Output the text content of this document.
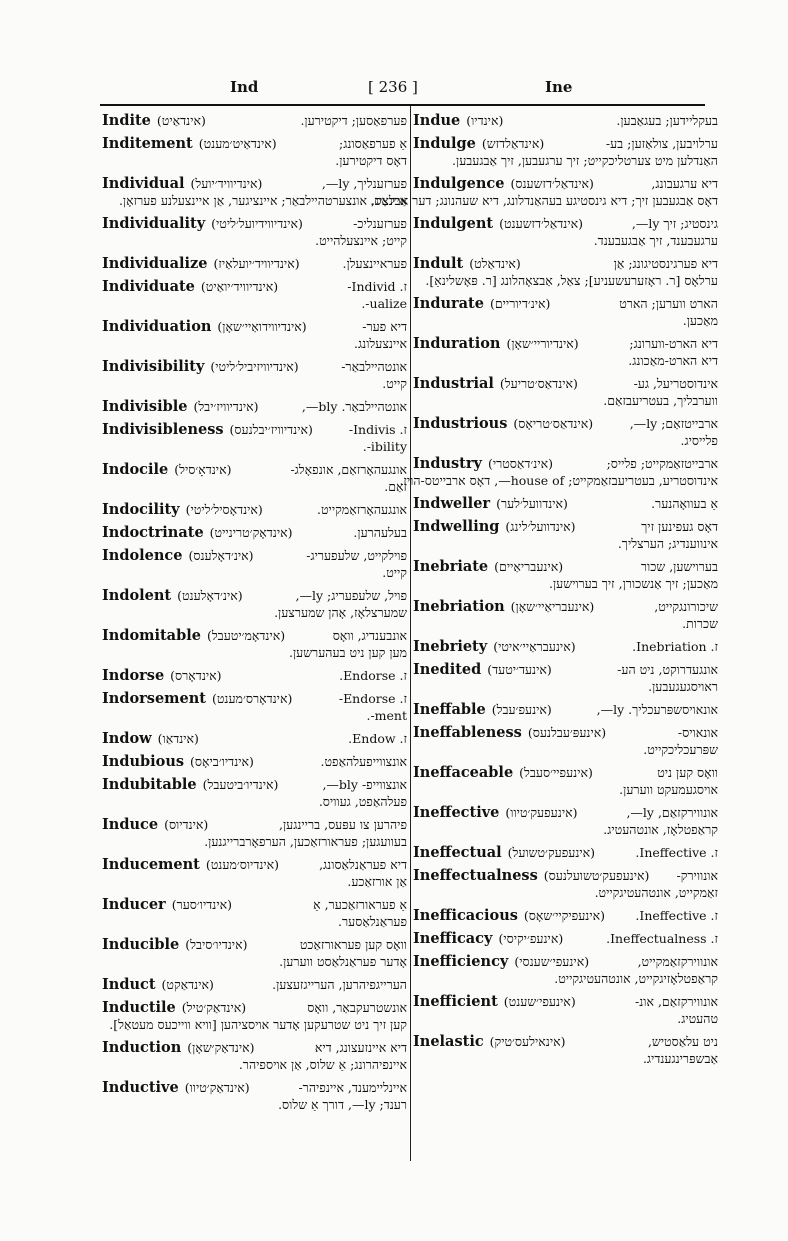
Ind	[ 236 ]	Ine
Indite (אינדאַיט)	פערפאַסען; דיקטירען.
Inditement (אינדאַיט׳מענט)	אַ פערפאַסונג;
דאָס דיקטירען.
Individual (אינדיוויד׳יועל)	פערזענליך, ly—,
איינציג, אונצערטהיילבאַר; איינציגער, אַן איינצעלנע פערזאָן.
Individuality (אינדיווידיועל׳ליטי)	פערזענליכ-
קייט; איינצעלהייט.
Individualize (אינדיוויד׳יועלאַיז)	פעראיינצעלן.
Individuate (אינדיוויד׳יואַיט)	ז. Individ-
ualize-.
Individuation (אינדיווידואַיי׳שאָן)	דיא פער-
איינצעלונג.
Indivisibility (אינדיוויזיביל׳ליטי)	אונטהיילבאַר-
קייט.
Indivisible (אינדיוויז׳יבל)	אונטהיילבאַר. bly—,
Indivisibleness (אינדיוויז׳יבלנעס)	ז. Indivis-
ibility-.
Indocile (אינדאָ׳סיל)	אונגעהאָרזאַם, אונפאָלג-
זאַם.
Indocility (אינדאָסיל׳ליטי)	אונגעהאָרזאַמקייט.
Indoctrinate (אינדאָק׳טרינייט)	בעלעהרען.
Indolence (אינ׳דאָלענס)	פוילקייט, שלעפעריג-
קייט.
Indolent (אינ׳דאָלענט)	פויל, שלעפעריג; ly—,
שמערצלאָז, אָהן שמערצען.
Indomitable (אינדאָמ׳יטעבל)	אונבענדיג, וואָס
מען קען ניט בעהערשען.
Indorse (אינדאָרס)	ז. Endorse.
Indorsement (אינדאָרס׳מענט)	ז. Endorse-
ment-.
Indow (אינדאַו)	ז. Endow.
Indubious (אינדיו׳ביאָס)	אונצווייפעלהאַפט.
Indubitable (אינדיו׳ביטעבל)	אונצווייפ- bly—,
פעלהאַפט, געוויס.
Induce (אינדיוס)	פיהרען צו עפּעס, בריינגען,
בעוועגען; פעראורזאַכען, הערפאָרברייגנען.
Inducement (אינדיוס׳מענט)	דיא פעראַנלאַסונג,
אַן אורזאַכע.
Inducer (אינדיו׳סער)	אַ פעראורזאַכער, אַ
פעראַנלאַסער.
Inducible (אינדיו׳סיבל)	וואָס קען פעראורזאַכט
אָדער פעראַנלאַסט ווערען.
Induct (אינדאַקט)	הערייגפיהרען, הערייגזעצען.
Inductile (אינדאַק׳טיל)	אונשטרעקבאַר, וואָס
קען זיך ניט שטרעקען אָדער אויסציהען [וויא ווייכעס מעטאַל].
Induction (אינדאַק׳שאָן)	דיא איינזעצונג, דיא
איינפיהרונג; אַ שלוס, אַן אויספיהר.
Inductive (אינדאַק׳טיוו)	איינליימענד, איינפיהר-
רענד; ly—, דורך אַ שלוס.
Indue (אינדיו)	בעקליידען; בעגאַבען.
Indulge (אינדאַלדזש)	ערלויבען, צולאַזען; בע-
האַנדלען מיט צערטליכקייט; זיך ערגעבען, זיך אַבגעבען.
Indulgence (אינדאַל׳דזשענס)	דיא ערגעבונג,
דאָס אַבגעבען זיך; דיא גינסטיגע בעהאַנדלונג, דיא שעהנונג; דער אַבלאַס.
Indulgent (אינדאַל׳דזשענט)	גינסטיג; זיך ly—,
ערגעבענד, זיך אַבגעבענד.
Indult (אינדאַלט)	דיא פערגינסטיגונג; אַן
ערלאָס [ר. ראָזערעשעניע]; צאַל, אַבצאָהלונג [ר. פּאָשלינאַ].
Indurate (אינ׳דיוריים)	הארט ווערען; הארט
מאַכען.
Induration (אינדיוריי׳שאָן)	דיא הארט-ווערונג;
דיא הארט-מאַכונג.
Industrial (אינדאַס׳טריעל)	אינדוסטריעל, גע-
ווערבליך, בעטריעבזאַם.
Industrious (אינדאַס׳טריאָס)	ארבייטזאַם; ly—,
פלייסיג.
Industry (אינ׳דאַסטרי)	ארבייטזאַמקייט; פלייס;
אינדוסטריע, בעטריעבזאַמקייט; house of—, דאָס ארבייטס-הויז.
Indweller (אינדוועל׳לער)	אַ בעוואָהנער.
Indwelling (אינדוועל׳לינג)	דאָס געפינען זיך
אינווענדיג; הערצליך.
Inebriate (אינעבריאַיים)	בערוישען, שכור
מאַכען; זיך אַנשכורן, זיך בערוישען.
Inebriation (אינעבריאַיי׳שאָן)	שיכורונגקייט,
שכרות.
Inebriety (אינעבראַיי׳איטי)	ז. Inebriation.
Inedited (אינעד׳יטעד)	אונגעדרוקט, ניט הע-
ראויסגעגעבען.
Ineffable (אינעפ׳עבל)	אונאויסשפּרעכליך. ly—,
Ineffableness (אינעפּ׳עבלנעס)	אונאויס-
שפּרעכליכקייט.
Ineffaceable (אינעפיי׳סעבל)	וואָס קען ניט
אויסגעמעקט ווערען.
Ineffective (אינעפעק׳טיוו)	אונווירקזאַם, ly—,
קראַפטלאָז, אונטהעטיג.
Ineffectual (אינעפעק׳טשועל)	ז. Ineffective.
Ineffectualness (אינעפעק׳טשועלנעס)	אונווירק-
זאַמקייט, אונטהעטיגקייט.
Inefficacious (אינעפיקיי׳שאָס)	ז. Ineffective.
Inefficacy (אינעפ׳יקיסי)	ז. Ineffectualness.
Inefficiency (אינעפי׳שענסי)	אונווירקזאַמקייט,
קראַפטלאָזיגקייט, אונטהעטיגקייט.
Inefficient (אינעפי׳שענט)	אונווירקזאַם, אונ-
טהעטיג.
Inelastic (אינאילעס׳טיק)	ניט עלאַסטיש,
אַבשפּרינגענדיג.
